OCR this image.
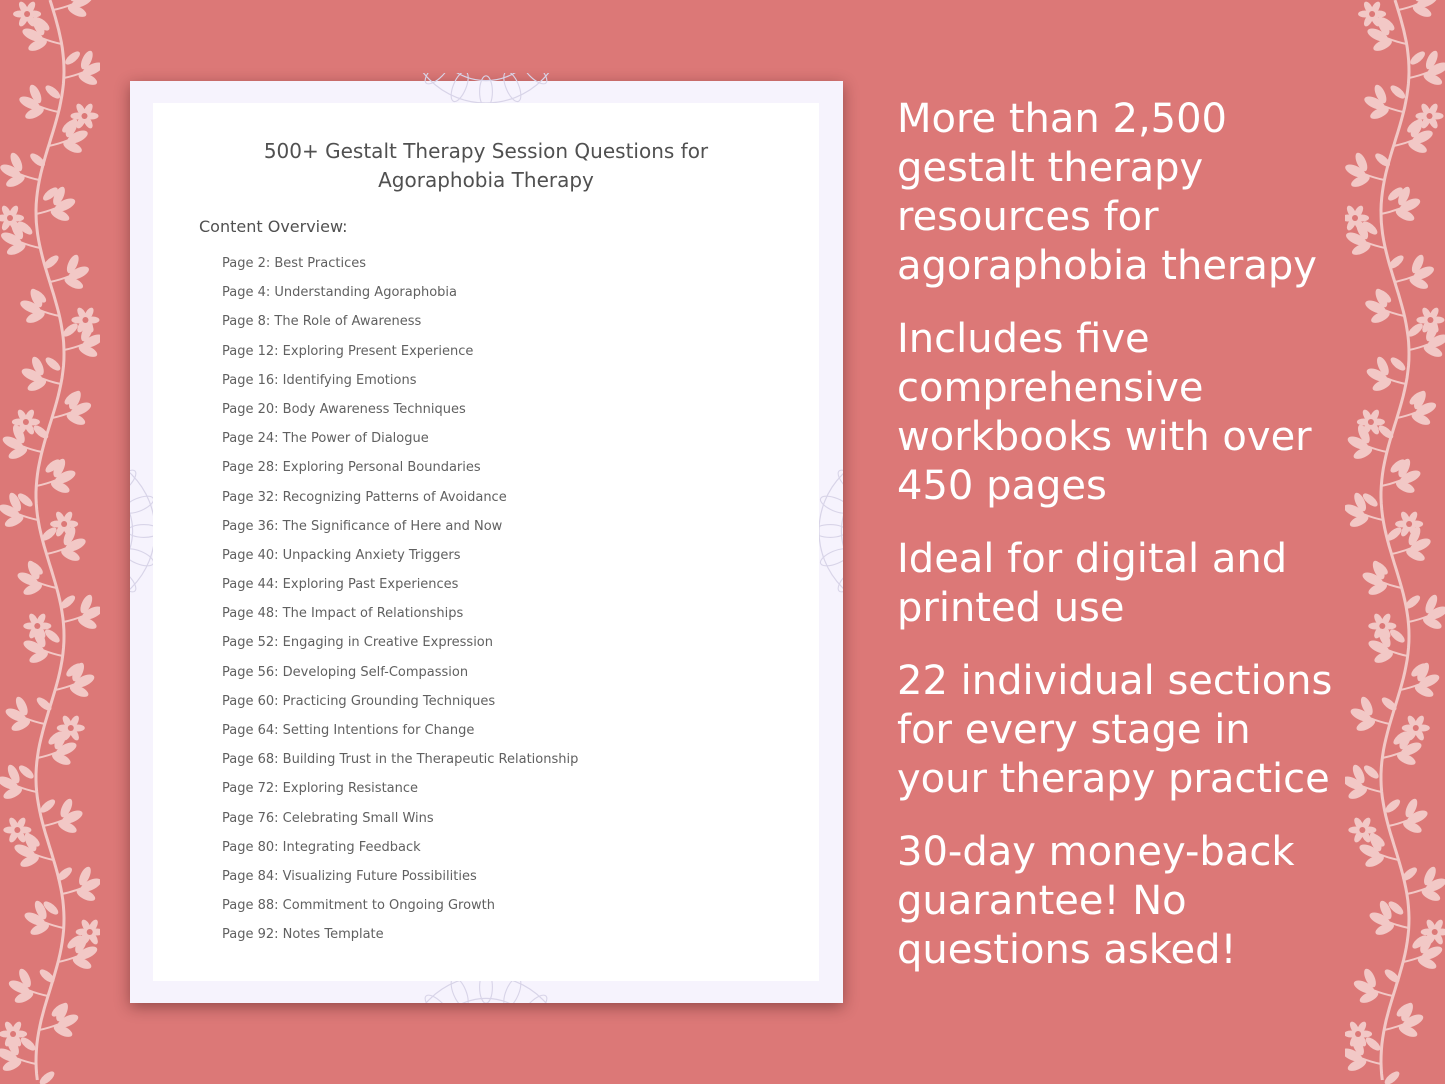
500+ Gestalt Therapy Session Questions for
Agoraphobia Therapy
Content Overview:
Page 2: Best Practices
Page 4: Understanding Agoraphobia
Page 8: The Role of Awareness
Page 12: Exploring Present Experience
Page 16: Identifying Emotions
Page 20: Body Awareness Techniques
Page 24: The Power of Dialogue
Page 28: Exploring Personal Boundaries
Page 32: Recognizing Patterns of Avoidance
Page 36: The Significance of Here and Now
Page 40: Unpacking Anxiety Triggers
Page 44: Exploring Past Experiences
Page 48: The Impact of Relationships
Page 52: Engaging in Creative Expression
Page 56: Developing Self-Compassion
Page 60: Practicing Grounding Techniques
Page 64: Setting Intentions for Change
Page 68: Building Trust in the Therapeutic Relationship
Page 72: Exploring Resistance
Page 76: Celebrating Small Wins
Page 80: Integrating Feedback
Page 84: Visualizing Future Possibilities
Page 88: Commitment to Ongoing Growth
Page 92: Notes Template

More than 2,500 gestalt therapy resources for agoraphobia therapy

Includes five comprehensive workbooks with over 450 pages

Ideal for digital and printed use

22 individual sections for every stage in your therapy practice

30-day money-back guarantee! No questions asked!
